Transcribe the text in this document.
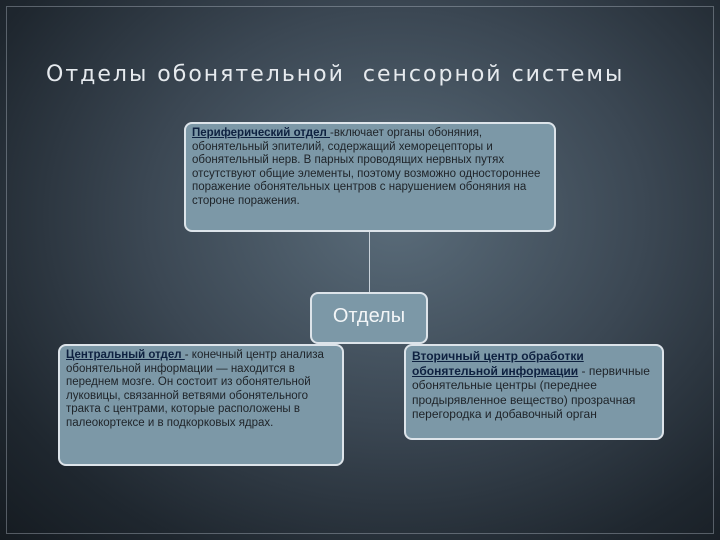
Отделы обонятельной  сенсорной системы
Периферический отдел -включает органы обоняния, обонятельный эпителий, содержащий хеморецепторы и обонятельный нерв. В парных проводящих нервных путях отсутствуют общие элементы, поэтому возможно одностороннее поражение обонятельных центров с нарушением обоняния на стороне поражения.
Отделы
Центральный отдел - конечный центр анализа обонятельной информации — находится в переднем мозге. Он состоит из обонятельной луковицы, связанной ветвями обонятельного тракта с центрами, которые расположены в палеокортексе и в подкорковых ядрах.
Вторичный центр обработки обонятельной информации - первичные обонятельные центры (переднее продырявленное вещество) прозрачная перегородка и добавочный орган
